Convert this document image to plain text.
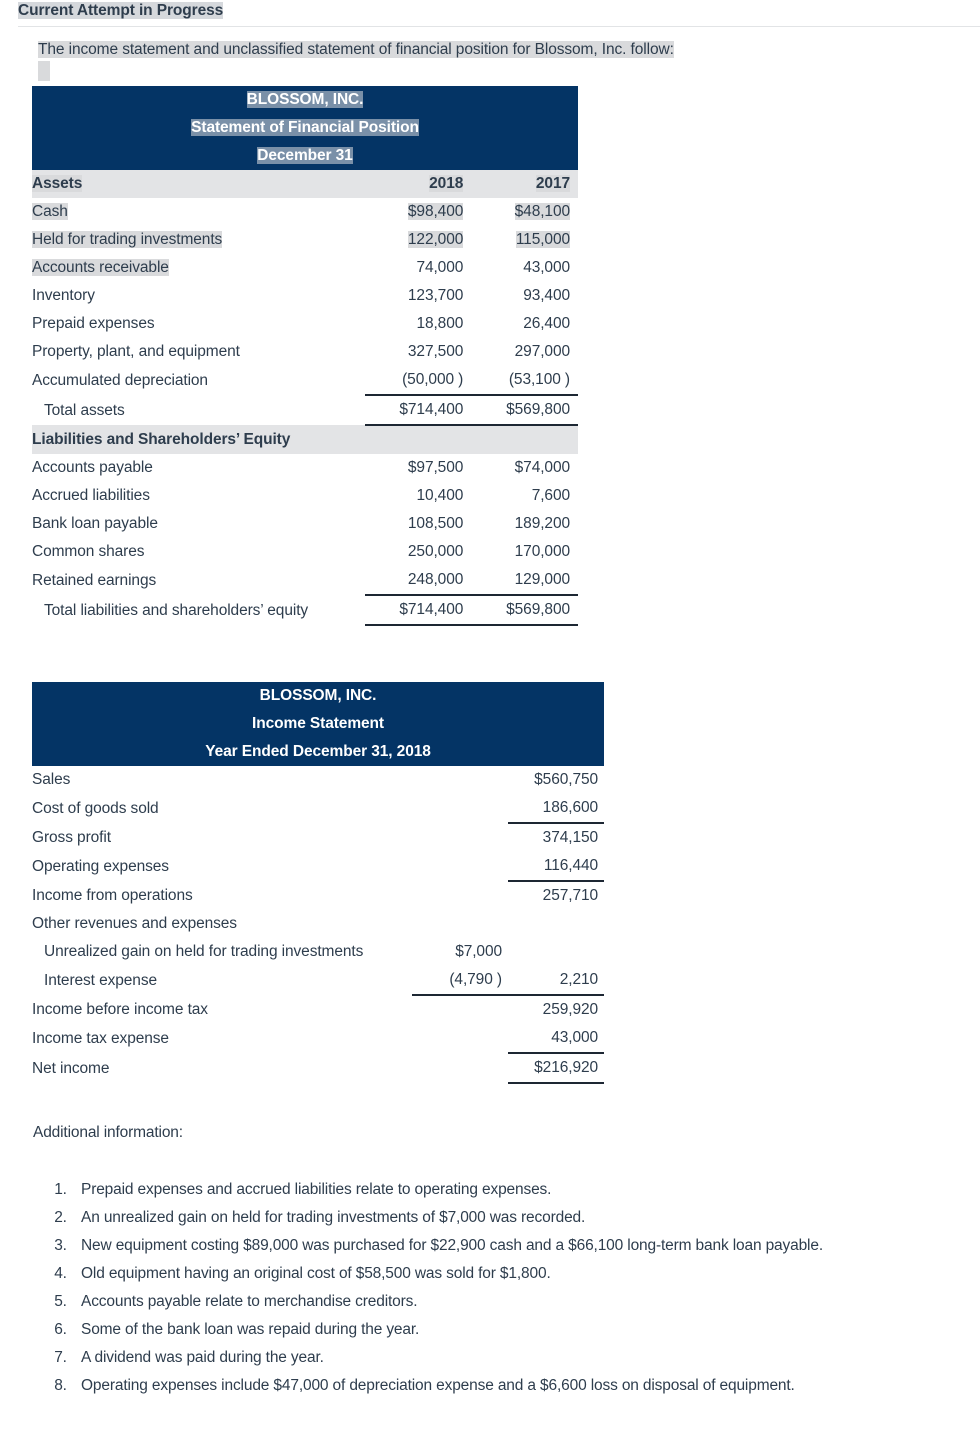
Current Attempt in Progress
The income statement and unclassified statement of financial position for Blossom, Inc. follow:
BLOSSOM, INC.
Statement of Financial Position
December 31		

Assets	2018	2017
Cash	$98,400	$48,100
Held for trading investments	122,000	115,000
Accounts receivable	74,000	43,000
Inventory	123,700	93,400
Prepaid expenses	18,800	26,400
Property, plant, and equipment	327,500	297,000
Accumulated depreciation	(50,000 )	(53,100 )
Total assets	$714,400	$569,800
Liabilities and Shareholders’ Equity		
Accounts payable	$97,500	$74,000
Accrued liabilities	10,400	7,600
Bank loan payable	108,500	189,200
Common shares	250,000	170,000
Retained earnings	248,000	129,000
Total liabilities and shareholders’ equity	$714,400	$569,800
BLOSSOM, INC.
Income Statement
Year Ended December 31, 2018		

Sales		$560,750
Cost of goods sold		186,600
Gross profit		374,150
Operating expenses		116,440
Income from operations		257,710
Other revenues and expenses		
Unrealized gain on held for trading investments	$7,000	
Interest expense	(4,790 )	2,210
Income before income tax		259,920
Income tax expense		43,000
Net income		$216,920
Additional information:
1. Prepaid expenses and accrued liabilities relate to operating expenses.
2. An unrealized gain on held for trading investments of $7,000 was recorded.
3. New equipment costing $89,000 was purchased for $22,900 cash and a $66,100 long-term bank loan payable.
4. Old equipment having an original cost of $58,500 was sold for $1,800.
5. Accounts payable relate to merchandise creditors.
6. Some of the bank loan was repaid during the year.
7. A dividend was paid during the year.
8. Operating expenses include $47,000 of depreciation expense and a $6,600 loss on disposal of equipment.
